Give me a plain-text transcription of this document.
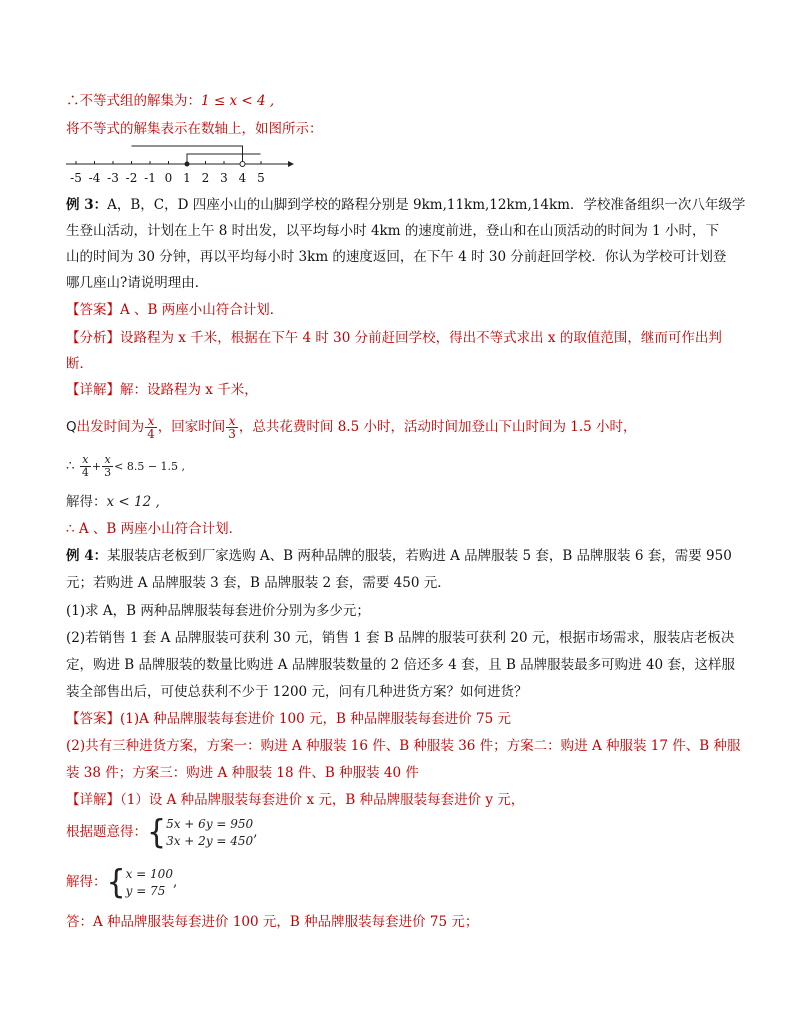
∴不等式组的解集为：1 ≤ x < 4 ,
将不等式的解集表示在数轴上，如图所示：
-5 -4 -3 -2 -1 0 1 2 3 4 5
例 3：A，B，C，D 四座小山的山脚到学校的路程分别是 9km,11km,12km,14km．学校准备组织一次八年级学
生登山活动，计划在上午 8 时出发，以平均每小时 4km 的速度前进，登山和在山顶活动的时间为 1 小时，下
山的时间为 30 分钟，再以平均每小时 3km 的速度返回，在下午 4 时 30 分前赶回学校．你认为学校可计划登
哪几座山?请说明理由．
【答案】A 、B 两座小山符合计划．
【分析】设路程为 x 千米，根据在下午 4 时 30 分前赶回学校，得出不等式求出 x 的取值范围，继而可作出判
断．
【详解】解：设路程为 x 千米，
Q出发时间为 $\frac{x}{4}$ ，回家时间 $\frac{x}{3}$ ，总共花费时间 8.5 小时，活动时间加登山下山时间为 1.5 小时，
∴ $\frac{x}{4} + \frac{x}{3} < 8.5 - 1.5$ ,
解得：x < 12 ,
∴ A 、B 两座小山符合计划．
例 4：某服装店老板到厂家选购 A、B 两种品牌的服装，若购进 A 品牌服装 5 套，B 品牌服装 6 套，需要 950
元；若购进 A 品牌服装 3 套，B 品牌服装 2 套，需要 450 元．
(1)求 A，B 两种品牌服装每套进价分别为多少元；
(2)若销售 1 套 A 品牌服装可获利 30 元，销售 1 套 B 品牌的服装可获利 20 元，根据市场需求，服装店老板决
定，购进 B 品牌服装的数量比购进 A 品牌服装数量的 2 倍还多 4 套，且 B 品牌服装最多可购进 40 套，这样服
装全部售出后，可使总获利不少于 1200 元，问有几种进货方案？如何进货？
【答案】(1)A 种品牌服装每套进价 100 元，B 种品牌服装每套进价 75 元
(2)共有三种进货方案，方案一：购进 A 种服装 16 件、B 种服装 36 件；方案二：购进 A 种服装 17 件、B 种服
装 38 件；方案三：购进 A 种服装 18 件、B 种服装 40 件
【详解】（1）设 A 种品牌服装每套进价 x 元，B 种品牌服装每套进价 y 元，
根据题意得：{ 5x + 6y = 950
3x + 2y = 450
,
解得：{ x = 100
y = 75
,
答：A 种品牌服装每套进价 100 元，B 种品牌服装每套进价 75 元；
